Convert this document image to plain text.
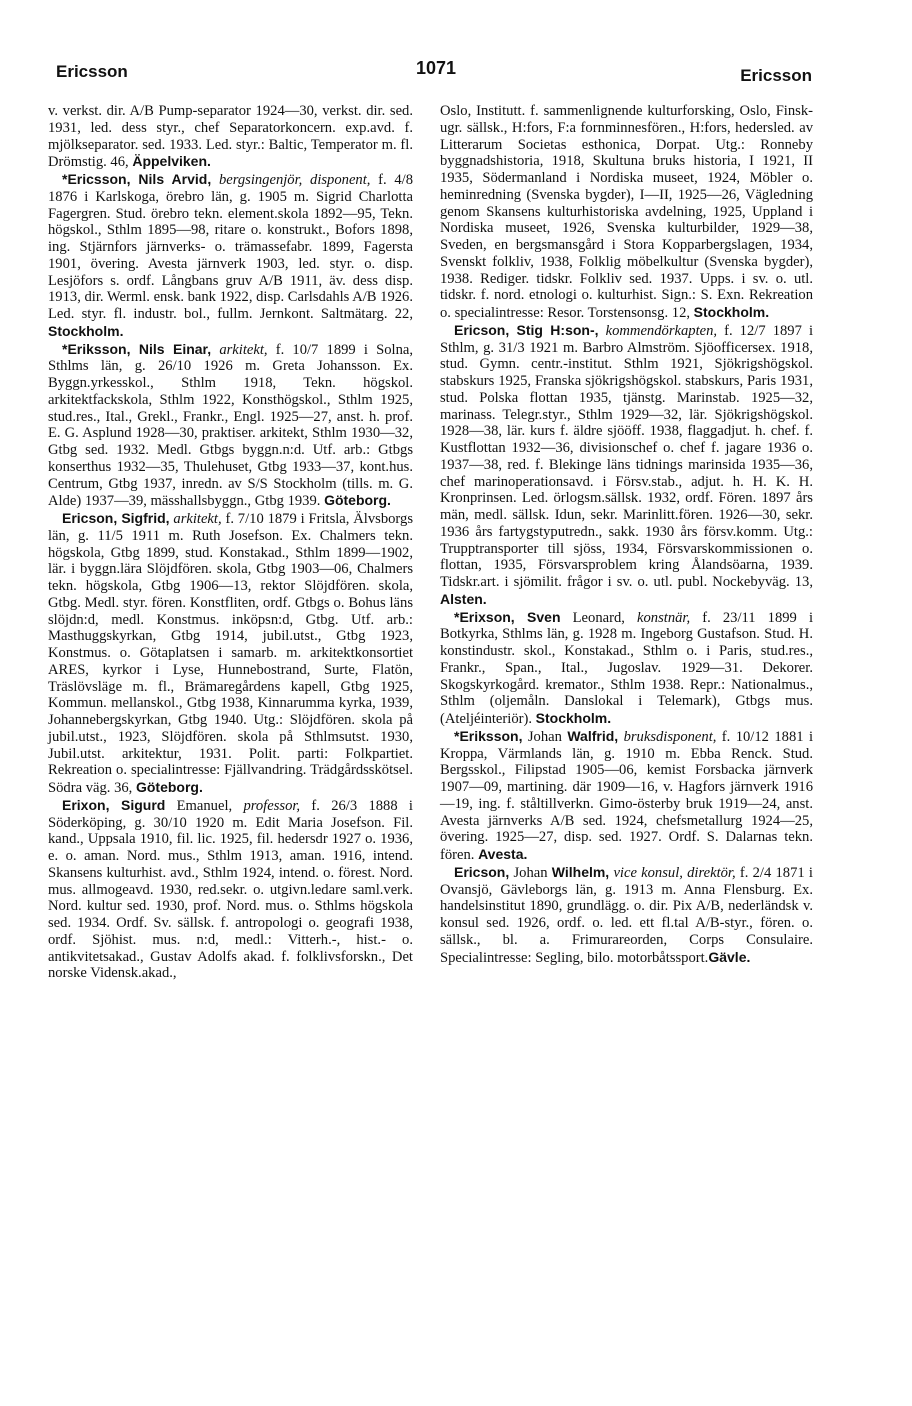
Ericsson	1071	Ericsson

v. verkst. dir. A/B Pump-separator 1924—30, verkst. dir. sed. 1931, led. dess styr., chef Separatorkoncern. exp.avd. f. mjölkseparator. sed. 1933. Led. styr.: Baltic, Temperator m. fl. Drömstig. 46, Äppelviken.

*Ericsson, Nils Arvid, bergsingenjör, disponent, f. 4/8 1876 i Karlskoga, örebro län, g. 1905 m. Sigrid Charlotta Fagergren. Stud. örebro tekn. element.skola 1892—95, Tekn. högskol., Sthlm 1895—98, ritare o. konstrukt., Bofors 1898, ing. Stjärnfors järnverks- o. trämassefabr. 1899, Fagersta 1901, övering. Avesta järnverk 1903, led. styr. o. disp. Lesjöfors s. ordf. Långbans gruv A/B 1911, äv. dess disp. 1913, dir. Werml. ensk. bank 1922, disp. Carlsdahls A/B 1926. Led. styr. fl. industr. bol., fullm. Jernkont. Saltmätarg. 22, Stockholm.

*Eriksson, Nils Einar, arkitekt, f. 10/7 1899 i Solna, Sthlms län, g. 26/10 1926 m. Greta Johansson. Ex. Byggn.yrkesskol., Sthlm 1918, Tekn. högskol. arkitektfackskola, Sthlm 1922, Konsthögskol., Sthlm 1925, stud.res., Ital., Grekl., Frankr., Engl. 1925—27, anst. h. prof. E. G. Asplund 1928—30, praktiser. arkitekt, Sthlm 1930—32, Gtbg sed. 1932. Medl. Gtbgs byggn.n:d. Utf. arb.: Gtbgs konserthus 1932—35, Thulehuset, Gtbg 1933—37, kont.hus. Centrum, Gtbg 1937, inredn. av S/S Stockholm (tills. m. G. Alde) 1937—39, mässhallsbyggn., Gtbg 1939. Göteborg.

Ericson, Sigfrid, arkitekt, f. 7/10 1879 i Fritsla, Älvsborgs län, g. 11/5 1911 m. Ruth Josefson. Ex. Chalmers tekn. högskola, Gtbg 1899, stud. Konstakad., Sthlm 1899—1902, lär. i byggn.lära Slöjdfören. skola, Gtbg 1903—06, Chalmers tekn. högskola, Gtbg 1906—13, rektor Slöjdfören. skola, Gtbg. Medl. styr. fören. Konstfliten, ordf. Gtbgs o. Bohus läns slöjdn:d, medl. Konstmus. inköpsn:d, Gtbg. Utf. arb.: Masthuggskyrkan, Gtbg 1914, jubil.utst., Gtbg 1923, Konstmus. o. Götaplatsen i samarb. m. arkitektkonsortiet ARES, kyrkor i Lyse, Hunnebostrand, Surte, Flatön, Träslövsläge m. fl., Brämaregårdens kapell, Gtbg 1925, Kommun. mellanskol., Gtbg 1938, Kinnarumma kyrka, 1939, Johannebergskyrkan, Gtbg 1940. Utg.: Slöjdfören. skola på jubil.utst., 1923, Slöjdfören. skola på Sthlmsutst. 1930, Jubil.utst. arkitektur, 1931. Polit. parti: Folkpartiet. Rekreation o. specialintresse: Fjällvandring. Trädgårdsskötsel. Södra väg. 36, Göteborg.

Erixon, Sigurd Emanuel, professor, f. 26/3 1888 i Söderköping, g. 30/10 1920 m. Edit Maria Josefson. Fil. kand., Uppsala 1910, fil. lic. 1925, fil. hedersdr 1927 o. 1936, e. o. aman. Nord. mus., Sthlm 1913, aman. 1916, intend. Skansens kulturhist. avd., Sthlm 1924, intend. o. förest. Nord. mus. allmogeavd. 1930, red.sekr. o. utgivn.ledare saml.verk. Nord. kultur sed. 1930, prof. Nord. mus. o. Sthlms högskola sed. 1934. Ordf. Sv. sällsk. f. antropologi o. geografi 1938, ordf. Sjöhist. mus. n:d, medl.: Vitterh.-, hist.- o. antikvitetsakad., Gustav Adolfs akad. f. folklivsforskn., Det norske Vidensk.akad.,

Oslo, Institutt. f. sammenlignende kulturforsking, Oslo, Finsk-ugr. sällsk., H:fors, F:a fornminnesfören., H:fors, hedersled. av Litterarum Societas esthonica, Dorpat. Utg.: Ronneby byggnadshistoria, 1918, Skultuna bruks historia, I 1921, II 1935, Södermanland i Nordiska museet, 1924, Möbler o. heminredning (Svenska bygder), I—II, 1925—26, Vägledning genom Skansens kulturhistoriska avdelning, 1925, Uppland i Nordiska museet, 1926, Svenska kulturbilder, 1929—38, Sveden, en bergsmansgård i Stora Kopparbergslagen, 1934, Svenskt folkliv, 1938, Folklig möbelkultur (Svenska bygder), 1938. Rediger. tidskr. Folkliv sed. 1937. Upps. i sv. o. utl. tidskr. f. nord. etnologi o. kulturhist. Sign.: S. Exn. Rekreation o. specialintresse: Resor. Torstensonsg. 12, Stockholm.

Ericson, Stig H:son-, kommendörkapten, f. 12/7 1897 i Sthlm, g. 31/3 1921 m. Barbro Almström. Sjöofficersex. 1918, stud. Gymn. centr.-institut. Sthlm 1921, Sjökrigshögskol. stabskurs 1925, Franska sjökrigshögskol. stabskurs, Paris 1931, stud. Polska flottan 1935, tjänstg. Marinstab. 1925—32, marinass. Telegr.styr., Sthlm 1929—32, lär. Sjökrigshögskol. 1928—38, lär. kurs f. äldre sjööff. 1938, flaggadjut. h. chef. f. Kustflottan 1932—36, divisionschef o. chef f. jagare 1936 o. 1937—38, red. f. Blekinge läns tidnings marinsida 1935—36, chef marinoperationsavd. i Försv.stab., adjut. h. H. K. H. Kronprinsen. Led. örlogsm.sällsk. 1932, ordf. Fören. 1897 års män, medl. sällsk. Idun, sekr. Marinlitt.fören. 1926—30, sekr. 1936 års fartygstyputredn., sakk. 1930 års försv.komm. Utg.: Trupptransporter till sjöss, 1934, Försvarskommissionen o. flottan, 1935, Försvarsproblem kring Ålandsöarna, 1939. Tidskr.art. i sjömilit. frågor i sv. o. utl. publ. Nockebyväg. 13, Alsten.

*Erixson, Sven Leonard, konstnär, f. 23/11 1899 i Botkyrka, Sthlms län, g. 1928 m. Ingeborg Gustafson. Stud. H. konstindustr. skol., Konstakad., Sthlm o. i Paris, stud.res., Frankr., Span., Ital., Jugoslav. 1929—31. Dekorer. Skogskyrkogård. kremator., Sthlm 1938. Repr.: Nationalmus., Sthlm (oljemåln. Danslokal i Telemark), Gtbgs mus. (Ateljéinteriör). Stockholm.

*Eriksson, Johan Walfrid, bruksdisponent, f. 10/12 1881 i Kroppa, Värmlands län, g. 1910 m. Ebba Renck. Stud. Bergsskol., Filipstad 1905—06, kemist Forsbacka järnverk 1907—09, martining. där 1909—16, v. Hagfors järnverk 1916—19, ing. f. ståltillverkn. Gimo-österby bruk 1919—24, anst. Avesta järnverks A/B sed. 1924, chefsmetallurg 1924—25, övering. 1925—27, disp. sed. 1927. Ordf. S. Dalarnas tekn. fören. Avesta.

Ericson, Johan Wilhelm, vice konsul, direktör, f. 2/4 1871 i Ovansjö, Gävleborgs län, g. 1913 m. Anna Flensburg. Ex. handelsinstitut 1890, grundlägg. o. dir. Pix A/B, nederländsk v. konsul sed. 1926, ordf. o. led. ett fl.tal A/B-styr., fören. o. sällsk., bl. a. Frimurareorden, Corps Consulaire. Specialintresse: Segling, bilo. motorbåtssport.Gävle.
